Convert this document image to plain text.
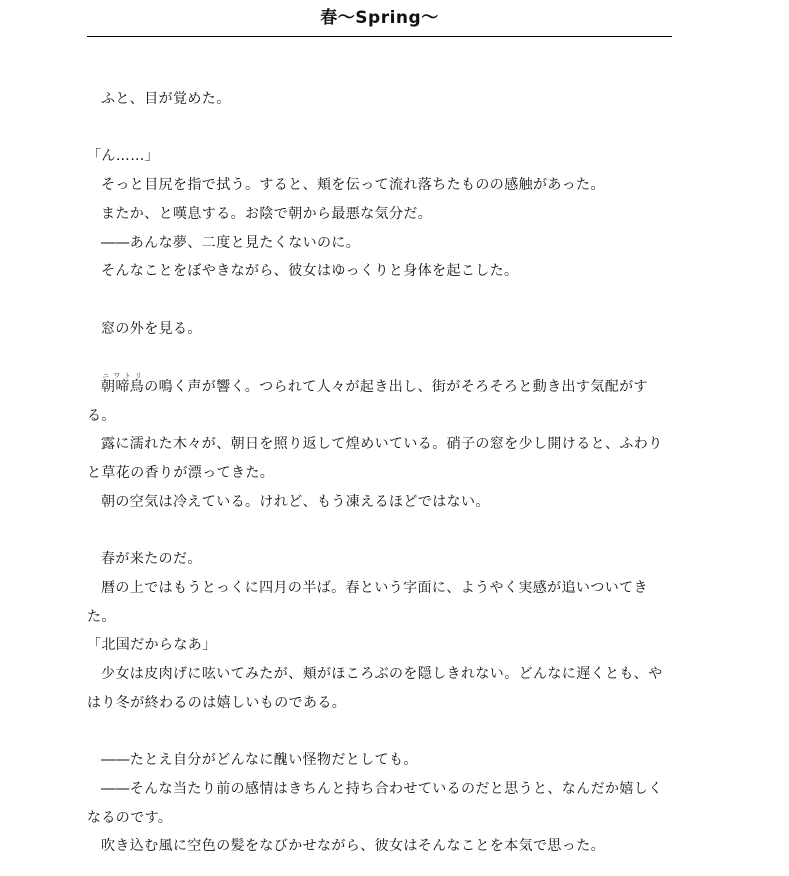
春〜Spring〜

ふと、目が覚めた。

「ん……」

そっと目尻を指で拭う。すると、頬を伝って流れ落ちたものの感触があった。

またか、と嘆息する。お陰で朝から最悪な気分だ。

――あんな夢、二度と見たくないのに。

そんなことをぼやきながら、彼女はゆっくりと身体を起こした。

窓の外を見る。

朝啼鳥ニワトリの鳴く声が響く。つられて人々が起き出し、街がそろそろと動き出す気配がする。

露に濡れた木々が、朝日を照り返して煌めいている。硝子の窓を少し開けると、ふわりと草花の香りが漂ってきた。

朝の空気は冷えている。けれど、もう凍えるほどではない。

春が来たのだ。

暦の上ではもうとっくに四月の半ば。春という字面に、ようやく実感が追いついてきた。

「北国だからなあ」

少女は皮肉げに呟いてみたが、頬がほころぶのを隠しきれない。どんなに遅くとも、やはり冬が終わるのは嬉しいものである。

――たとえ自分がどんなに醜い怪物だとしても。

――そんな当たり前の感情はきちんと持ち合わせているのだと思うと、なんだか嬉しくなるのです。

吹き込む風に空色の髪をなびかせながら、彼女はそんなことを本気で思った。
